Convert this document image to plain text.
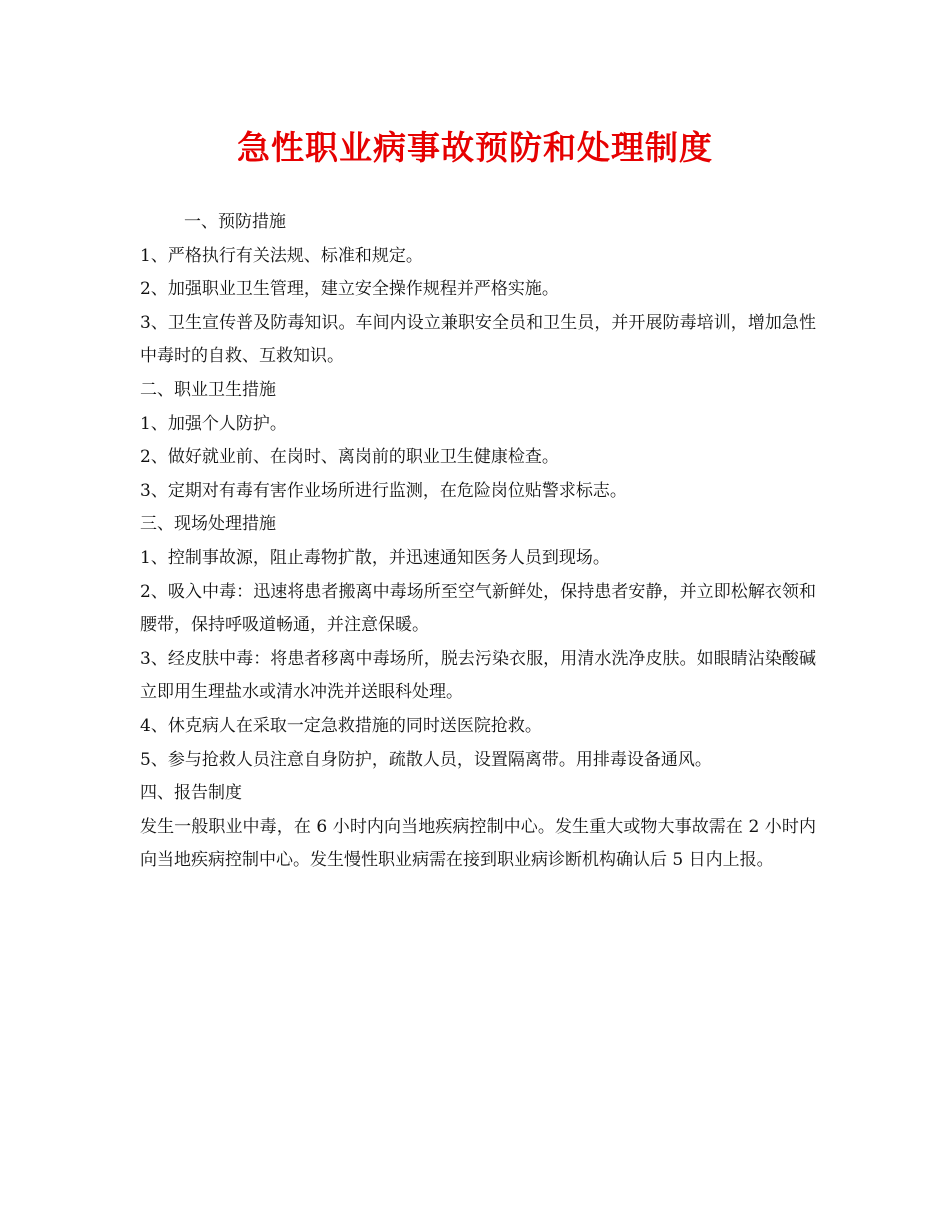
急性职业病事故预防和处理制度

一、预防措施

1、严格执行有关法规、标准和规定。

2、加强职业卫生管理，建立安全操作规程并严格实施。

3、卫生宣传普及防毒知识。车间内设立兼职安全员和卫生员，并开展防毒培训，增加急性中毒时的自救、互救知识。

二、职业卫生措施

1、加强个人防护。

2、做好就业前、在岗时、离岗前的职业卫生健康检查。

3、定期对有毒有害作业场所进行监测，在危险岗位贴警求标志。

三、现场处理措施

1、控制事故源，阻止毒物扩散，并迅速通知医务人员到现场。

2、吸入中毒：迅速将患者搬离中毒场所至空气新鲜处，保持患者安静，并立即松解衣领和腰带，保持呼吸道畅通，并注意保暖。

3、经皮肤中毒：将患者移离中毒场所，脱去污染衣服，用清水洗净皮肤。如眼睛沾染酸碱立即用生理盐水或清水冲洗并送眼科处理。

4、休克病人在采取一定急救措施的同时送医院抢救。

5、参与抢救人员注意自身防护，疏散人员，设置隔离带。用排毒设备通风。

四、报告制度

发生一般职业中毒，在 6 小时内向当地疾病控制中心。发生重大或物大事故需在 2 小时内向当地疾病控制中心。发生慢性职业病需在接到职业病诊断机构确认后 5 日内上报。
